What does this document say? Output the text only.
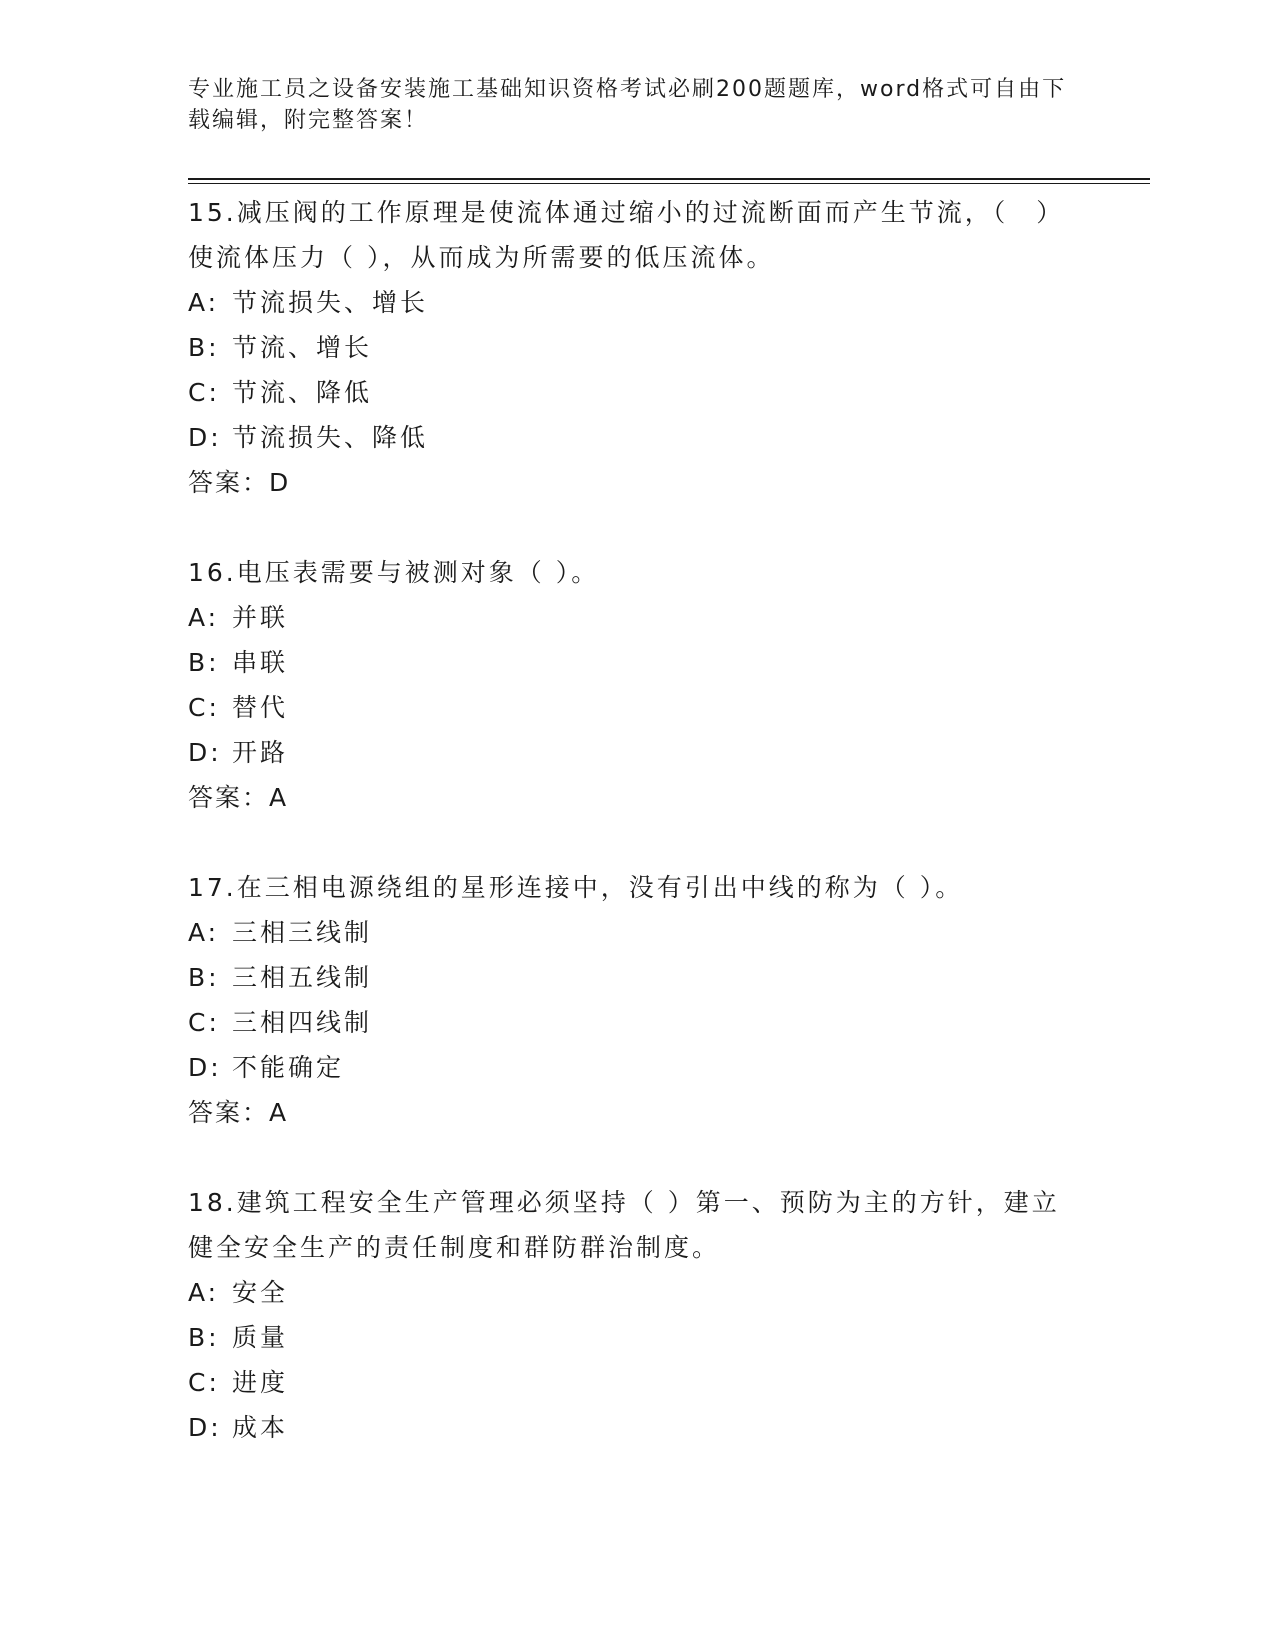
专业施工员之设备安装施工基础知识资格考试必刷200题题库，word格式可自由下载编辑，附完整答案！
15.减压阀的工作原理是使流体通过缩小的过流断面而产生节流，（　）使流体压力（ ），从而成为所需要的低压流体。
A: 节流损失、增长
B: 节流、增长
C: 节流、降低
D: 节流损失、降低
答案：D
16.电压表需要与被测对象（ ）。
A: 并联
B: 串联
C: 替代
D: 开路
答案：A
17.在三相电源绕组的星形连接中，没有引出中线的称为（ ）。
A: 三相三线制
B: 三相五线制
C: 三相四线制
D: 不能确定
答案：A
18.建筑工程安全生产管理必须坚持（ ）第一、预防为主的方针，建立健全安全生产的责任制度和群防群治制度。
A: 安全
B: 质量
C: 进度
D: 成本
